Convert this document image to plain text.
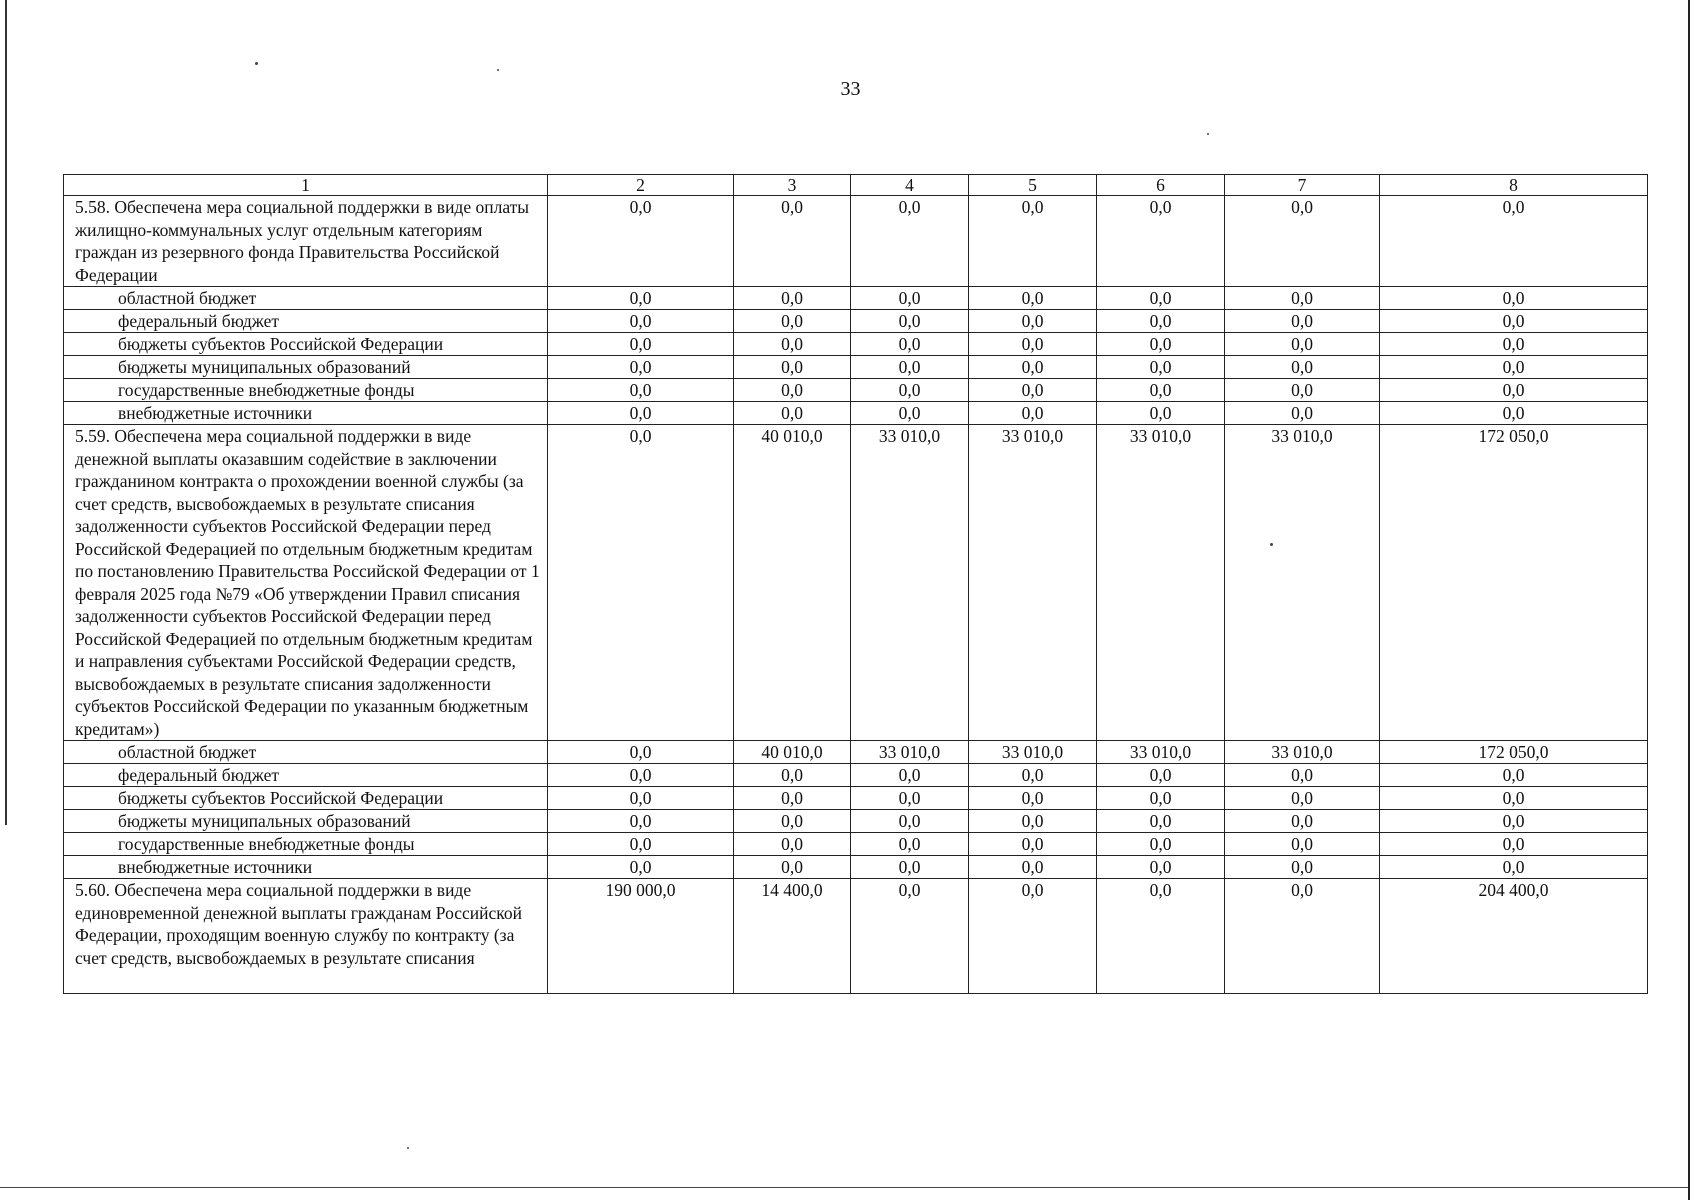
33
1	2	3	4	5	6	7	8
5.58. Обеспечена мера социальной поддержки в виде оплаты жилищно-коммунальных услуг отдельным категориям граждан из резервного фонда Правительства Российской Федерации	0,0	0,0	0,0	0,0	0,0	0,0	0,0
областной бюджет	0,0	0,0	0,0	0,0	0,0	0,0	0,0
федеральный бюджет	0,0	0,0	0,0	0,0	0,0	0,0	0,0
бюджеты субъектов Российской Федерации	0,0	0,0	0,0	0,0	0,0	0,0	0,0
бюджеты муниципальных образований	0,0	0,0	0,0	0,0	0,0	0,0	0,0
государственные внебюджетные фонды	0,0	0,0	0,0	0,0	0,0	0,0	0,0
внебюджетные источники	0,0	0,0	0,0	0,0	0,0	0,0	0,0
5.59. Обеспечена мера социальной поддержки в виде денежной выплаты оказавшим содействие в заключении гражданином контракта о прохождении военной службы (за счет средств, высвобождаемых в результате списания задолженности субъектов Российской Федерации перед Российской Федерацией по отдельным бюджетным кредитам по постановлению Правительства Российской Федерации от 1 февраля 2025 года №79 «Об утверждении Правил списания задолженности субъектов Российской Федерации перед Российской Федерацией по отдельным бюджетным кредитам и направления субъектами Российской Федерации средств, высвобождаемых в результате списания задолженности субъектов Российской Федерации по указанным бюджетным кредитам»)	0,0	40 010,0	33 010,0	33 010,0	33 010,0	33 010,0	172 050,0
областной бюджет	0,0	40 010,0	33 010,0	33 010,0	33 010,0	33 010,0	172 050,0
федеральный бюджет	0,0	0,0	0,0	0,0	0,0	0,0	0,0
бюджеты субъектов Российской Федерации	0,0	0,0	0,0	0,0	0,0	0,0	0,0
бюджеты муниципальных образований	0,0	0,0	0,0	0,0	0,0	0,0	0,0
государственные внебюджетные фонды	0,0	0,0	0,0	0,0	0,0	0,0	0,0
внебюджетные источники	0,0	0,0	0,0	0,0	0,0	0,0	0,0
5.60. Обеспечена мера социальной поддержки в виде единовременной денежной выплаты гражданам Российской Федерации, проходящим военную службу по контракту (за счет средств, высвобождаемых в результате списания	190 000,0	14 400,0	0,0	0,0	0,0	0,0	204 400,0
